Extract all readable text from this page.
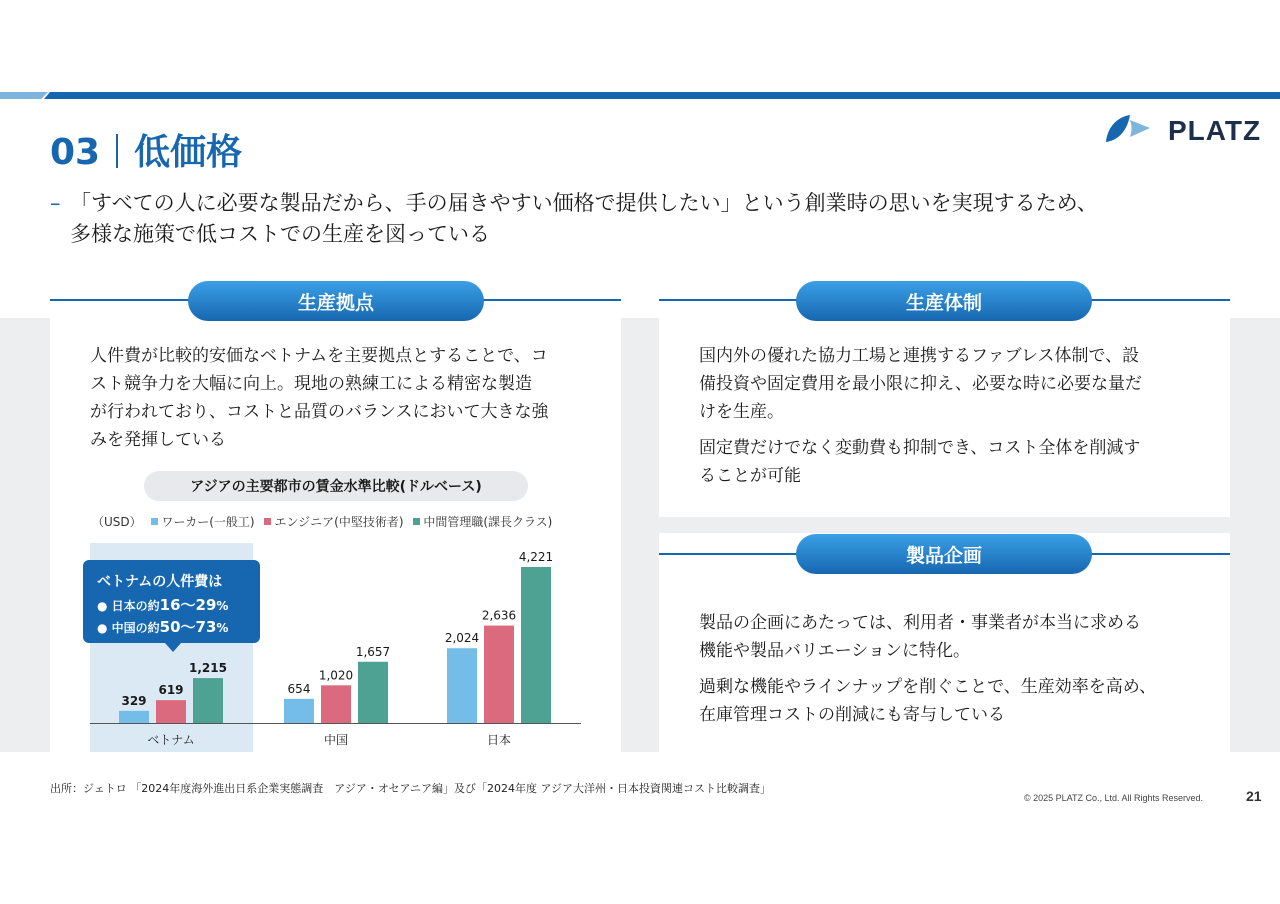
03 低価格
PLATZ
– 「すべての人に必要な製品だから、手の届きやすい価格で提供したい」という創業時の思いを実現するため、
多様な施策で低コストでの生産を図っている
生産拠点	生産体制
製品企画

人件費が比較的安価なベトナムを主要拠点とすることで、コ

スト競争力を大幅に向上。現地の熟練工による精密な製造

が行われており、コストと品質のバランスにおいて大きな強

みを発揮している

国内外の優れた協力工場と連携するファブレス体制で、設

備投資や固定費用を最小限に抑え、必要な時に必要な量だ

けを生産。

固定費だけでなく変動費も抑制でき、コスト全体を削減す

ることが可能

製品の企画にあたっては、利用者・事業者が本当に求める

機能や製品バリエーションに特化。

過剰な機能やラインナップを削ぐことで、生産効率を高め、

在庫管理コストの削減にも寄与している

アジアの主要都市の賃金水準比較(ドルベース)
（USD） ワーカー(一般工) エンジニア(中堅技術者) 中間管理職(課長クラス)
329
619
1,215
ベトナム
654
1,020
1,657
中国
2,024
2,636
4,221
日本
ベトナムの人件費は
● 日本の約16～29%
● 中国の約50～73%
出所：ジェトロ 「2024年度海外進出日系企業実態調査　アジア・オセアニア編」及び「2024年度 アジア大洋州・日本投資関連コスト比較調査」
© 2025 PLATZ Co., Ltd. All Rights Reserved.	21
